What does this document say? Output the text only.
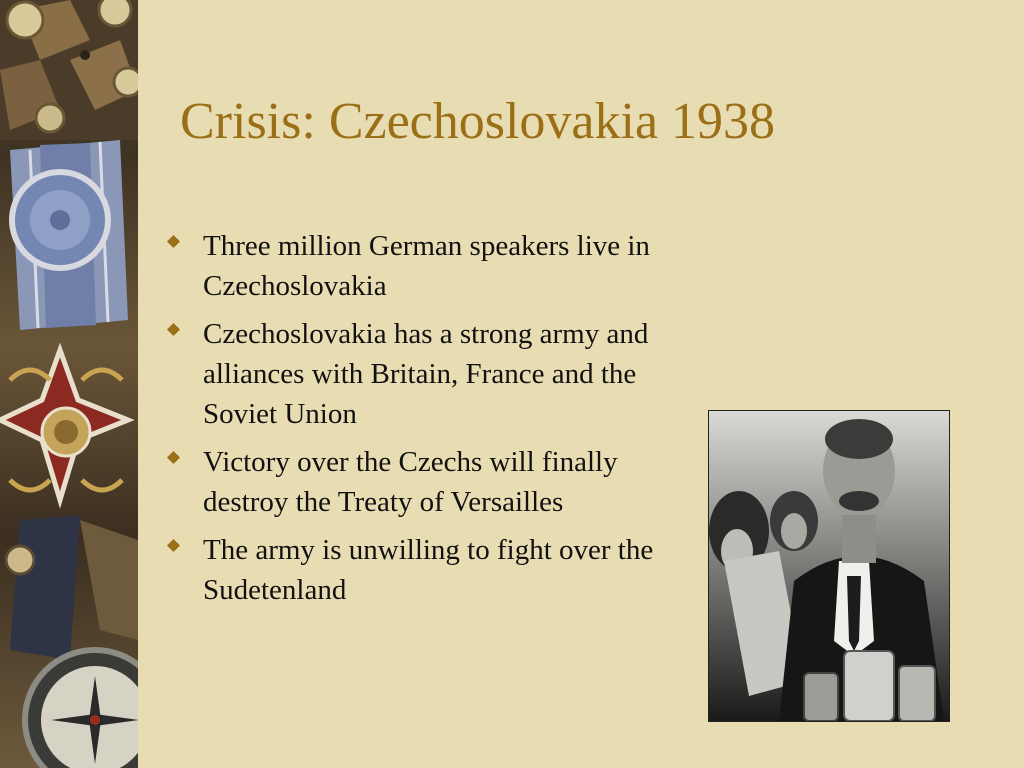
Crisis: Czechoslovakia 1938
Three million German speakers live in Czechoslovakia
Czechoslovakia has a strong army and alliances with Britain, France and the Soviet Union
Victory over the Czechs will finally destroy the Treaty of Versailles
The army is unwilling to fight over the Sudetenland
